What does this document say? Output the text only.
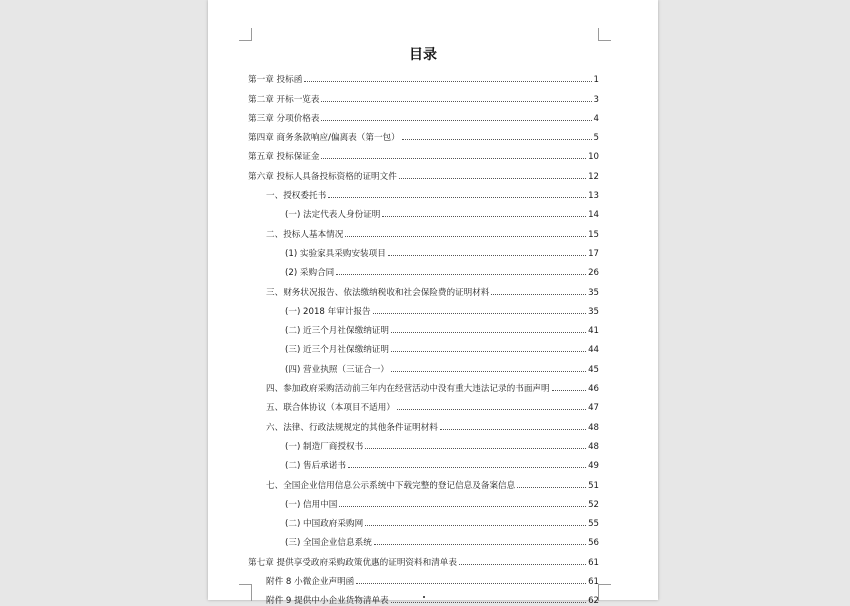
目录
第一章 投标函	1
第二章 开标一览表	3
第三章 分项价格表	4
第四章 商务条款响应/偏离表（第一包）	5
第五章 投标保证金	10
第六章 投标人具备投标资格的证明文件	12
一、授权委托书	13
(一) 法定代表人身份证明	14
二、投标人基本情况	15
(1) 实验家具采购安装项目	17
(2) 采购合同	26
三、财务状况报告、依法缴纳税收和社会保险费的证明材料	35
(一) 2018 年审计报告	35
(二) 近三个月社保缴纳证明	41
(三) 近三个月社保缴纳证明	44
(四) 营业执照（三证合一）	45
四、参加政府采购活动前三年内在经营活动中没有重大违法记录的书面声明	46
五、联合体协议（本项目不适用）	47
六、法律、行政法规规定的其他条件证明材料	48
(一) 制造厂商授权书	48
(二) 售后承诺书	49
七、全国企业信用信息公示系统中下载完整的登记信息及备案信息	51
(一) 信用中国	52
(二) 中国政府采购网	55
(三) 全国企业信息系统	56
第七章 提供享受政府采购政策优惠的证明资料和清单表	61
附件 8 小微企业声明函	61
附件 9 提供中小企业货物清单表	62
